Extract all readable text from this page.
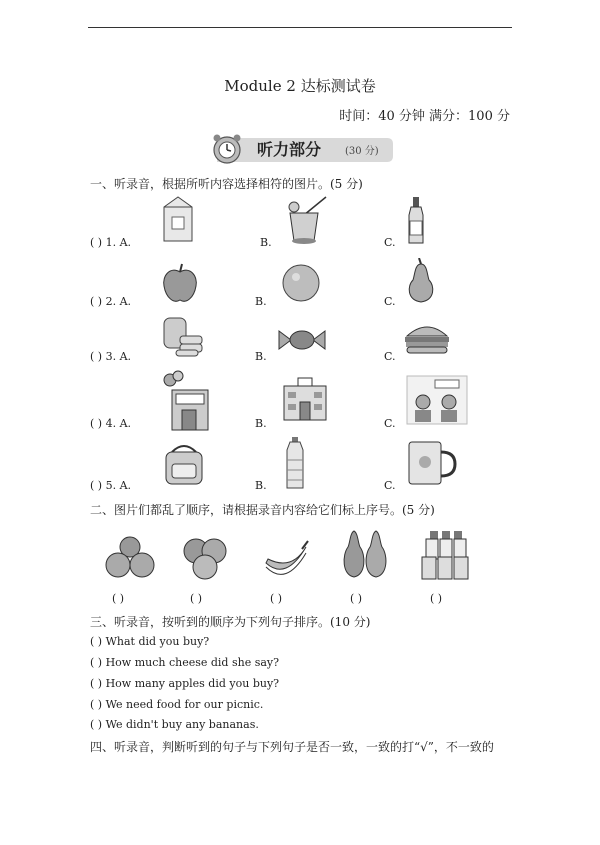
Module 2 达标测试卷
时间：40 分钟 满分：100 分
听力部分 (30 分)
一、听录音，根据所听内容选择相符的图片。(5 分)
( ) 1. A.	B.	C.
( ) 2. A.	B.	C.
( ) 3. A.	B.	C.
( ) 4. A.	B.	C.
( ) 5. A.	B.	C.
二、图片们都乱了顺序，请根据录音内容给它们标上序号。(5 分)
( )	( )	( )	( )	( )
三、听录音，按听到的顺序为下列句子排序。(10 分)
( ) What did you buy?
( ) How much cheese did she say?
( ) How many apples did you buy?
( ) We need food for our picnic.
( ) We didn't buy any bananas.
四、听录音，判断听到的句子与下列句子是否一致，一致的打“√”，不一致的
